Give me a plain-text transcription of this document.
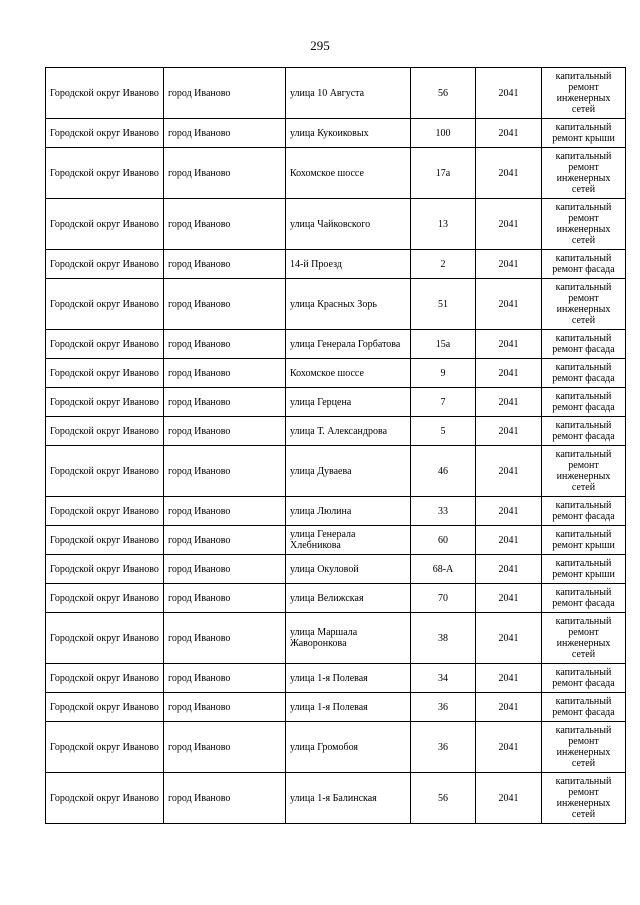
295
Городской округ Иваново	город Иваново	улица 10 Августа	56	2041	капитальный ремонт инженерных сетей
Городской округ Иваново	город Иваново	улица Кукоиковых	100	2041	капитальный ремонт крыши
Городской округ Иваново	город Иваново	Кохомское шоссе	17а	2041	капитальный ремонт инженерных сетей
Городской округ Иваново	город Иваново	улица Чайковского	13	2041	капитальный ремонт инженерных сетей
Городской округ Иваново	город Иваново	14-й Проезд	2	2041	капитальный ремонт фасада
Городской округ Иваново	город Иваново	улица Красных Зорь	51	2041	капитальный ремонт инженерных сетей
Городской округ Иваново	город Иваново	улица Генерала Горбатова	15а	2041	капитальный ремонт фасада
Городской округ Иваново	город Иваново	Кохомское шоссе	9	2041	капитальный ремонт фасада
Городской округ Иваново	город Иваново	улица Герцена	7	2041	капитальный ремонт фасада
Городской округ Иваново	город Иваново	улица Т. Александрова	5	2041	капитальный ремонт фасада
Городской округ Иваново	город Иваново	улица Дуваева	46	2041	капитальный ремонт инженерных сетей
Городской округ Иваново	город Иваново	улица Люлина	33	2041	капитальный ремонт фасада
Городской округ Иваново	город Иваново	улица Генерала Хлебникова	60	2041	капитальный ремонт крыши
Городской округ Иваново	город Иваново	улица Окуловой	68-А	2041	капитальный ремонт крыши
Городской округ Иваново	город Иваново	улица Велижская	70	2041	капитальный ремонт фасада
Городской округ Иваново	город Иваново	улица Маршала Жаворонкова	38	2041	капитальный ремонт инженерных сетей
Городской округ Иваново	город Иваново	улица 1-я Полевая	34	2041	капитальный ремонт фасада
Городской округ Иваново	город Иваново	улица 1-я Полевая	36	2041	капитальный ремонт фасада
Городской округ Иваново	город Иваново	улица Громобоя	36	2041	капитальный ремонт инженерных сетей
Городской округ Иваново	город Иваново	улица 1-я Балинская	56	2041	капитальный ремонт инженерных сетей
